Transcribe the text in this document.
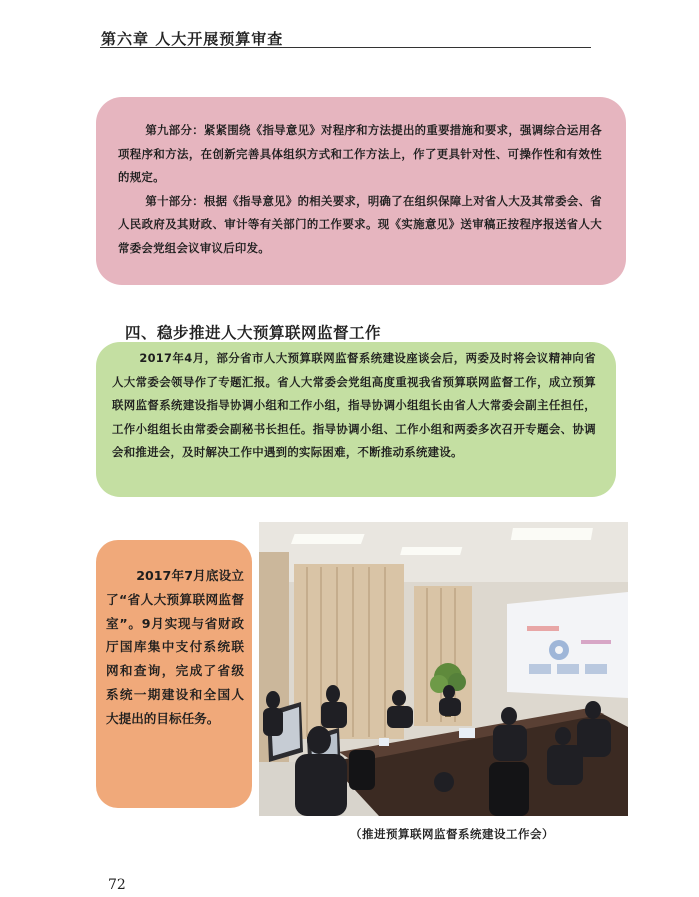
第六章 人大开展预算审查

第九部分：紧紧围绕《指导意见》对程序和方法提出的重要措施和要求，强调综合运用各项程序和方法，在创新完善具体组织方式和工作方法上，作了更具针对性、可操作性和有效性的规定。

第十部分：根据《指导意见》的相关要求，明确了在组织保障上对省人大及其常委会、省人民政府及其财政、审计等有关部门的工作要求。现《实施意见》送审稿正按程序报送省人大常委会党组会议审议后印发。

四、稳步推进人大预算联网监督工作

2017年4月，部分省市人大预算联网监督系统建设座谈会后，两委及时将会议精神向省人大常委会领导作了专题汇报。省人大常委会党组高度重视我省预算联网监督工作，成立预算联网监督系统建设指导协调小组和工作小组，指导协调小组组长由省人大常委会副主任担任，工作小组组长由常委会副秘书长担任。指导协调小组、工作小组和两委多次召开专题会、协调会和推进会，及时解决工作中遇到的实际困难，不断推动系统建设。

2017年7月底设立了“省人大预算联网监督室”。9月实现与省财政厅国库集中支付系统联网和查询，完成了省级系统一期建设和全国人大提出的目标任务。

（推进预算联网监督系统建设工作会）
72
